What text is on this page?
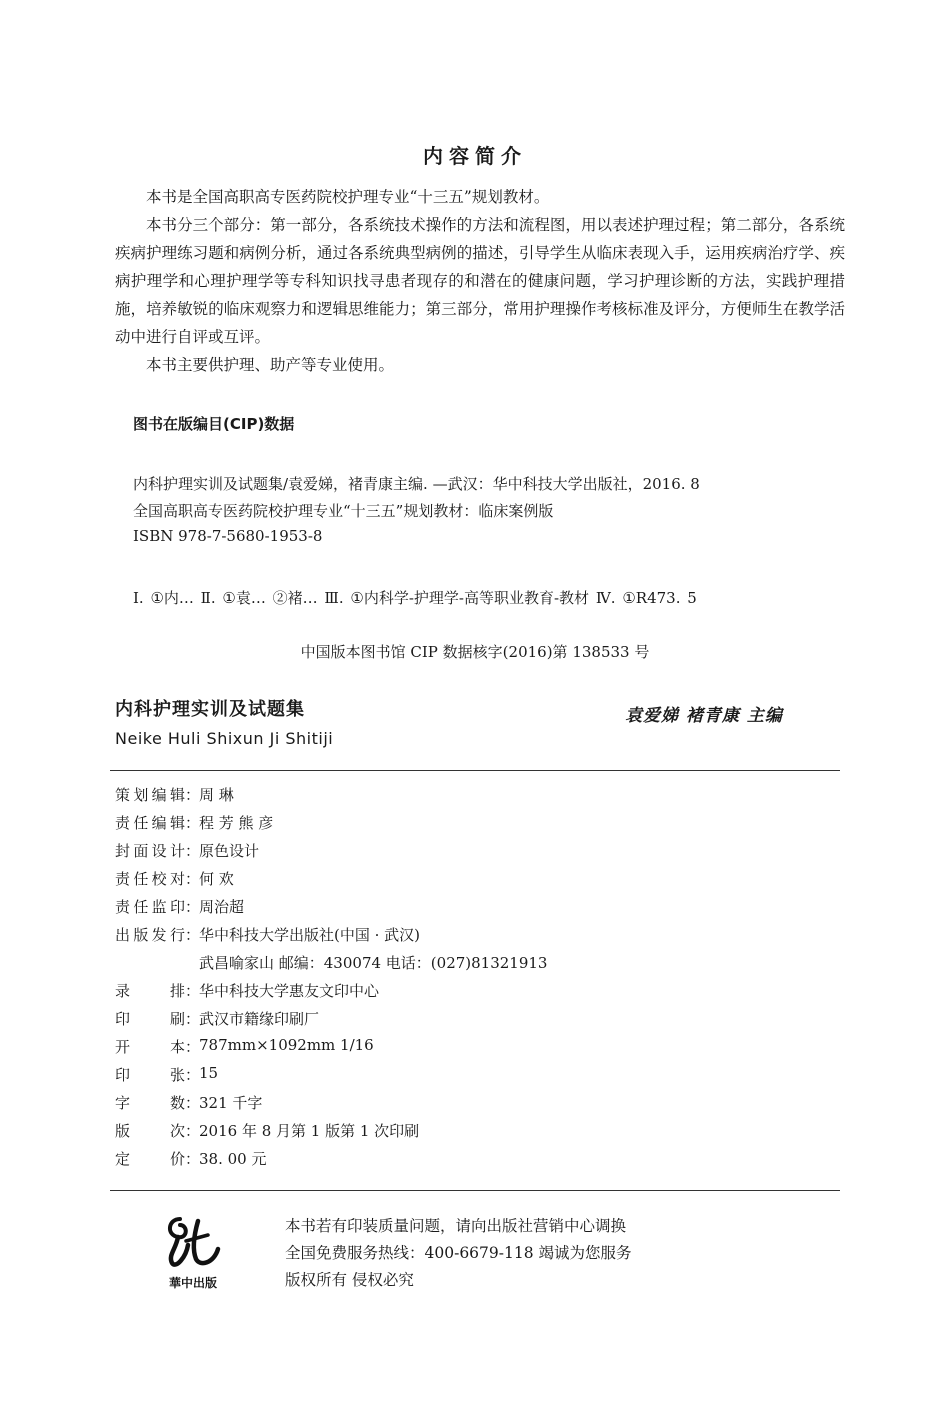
内容简介

本书是全国高职高专医药院校护理专业“十三五”规划教材。

本书分三个部分：第一部分，各系统技术操作的方法和流程图，用以表述护理过程；第二部分，各系统疾病护理练习题和病例分析，通过各系统典型病例的描述，引导学生从临床表现入手，运用疾病治疗学、疾病护理学和心理护理学等专科知识找寻患者现存的和潜在的健康问题，学习护理诊断的方法，实践护理措施，培养敏锐的临床观察力和逻辑思维能力；第三部分，常用护理操作考核标准及评分，方便师生在教学活动中进行自评或互评。

本书主要供护理、助产等专业使用。

图书在版编目(CIP)数据
内科护理实训及试题集/袁爱娣，褚青康主编. —武汉：华中科技大学出版社，2016. 8
全国高职高专医药院校护理专业“十三五”规划教材：临床案例版
ISBN 978-7-5680-1953-8
Ⅰ. ①内… Ⅱ. ①袁… ②褚… Ⅲ. ①内科学-护理学-高等职业教育-教材 Ⅳ. ①R473. 5
中国版本图书馆 CIP 数据核字(2016)第 138533 号
内科护理实训及试题集
Neike Huli Shixun Ji Shitiji
袁爱娣 褚青康 主编
策 划 编 辑 ：
周 琳
责 任 编 辑 ：
程 芳 熊 彦
封 面 设 计 ：
原色设计
责 任 校 对 ：
何 欢
责 任 监 印 ：
周治超
出 版 发 行 ：
华中科技大学出版社(中国 · 武汉)
武昌喻家山 邮编：430074 电话：(027)81321913
录	排 ：
华中科技大学惠友文印中心
印	刷 ：
武汉市籍缘印刷厂
开	本 ：
787mm×1092mm 1/16
印	张 ：
15
字	数 ：
321 千字
版	次 ：
2016 年 8 月第 1 版第 1 次印刷
定	价 ：
38. 00 元
華中出版
本书若有印装质量问题，请向出版社营销中心调换
全国免费服务热线：400-6679-118 竭诚为您服务
版权所有 侵权必究
